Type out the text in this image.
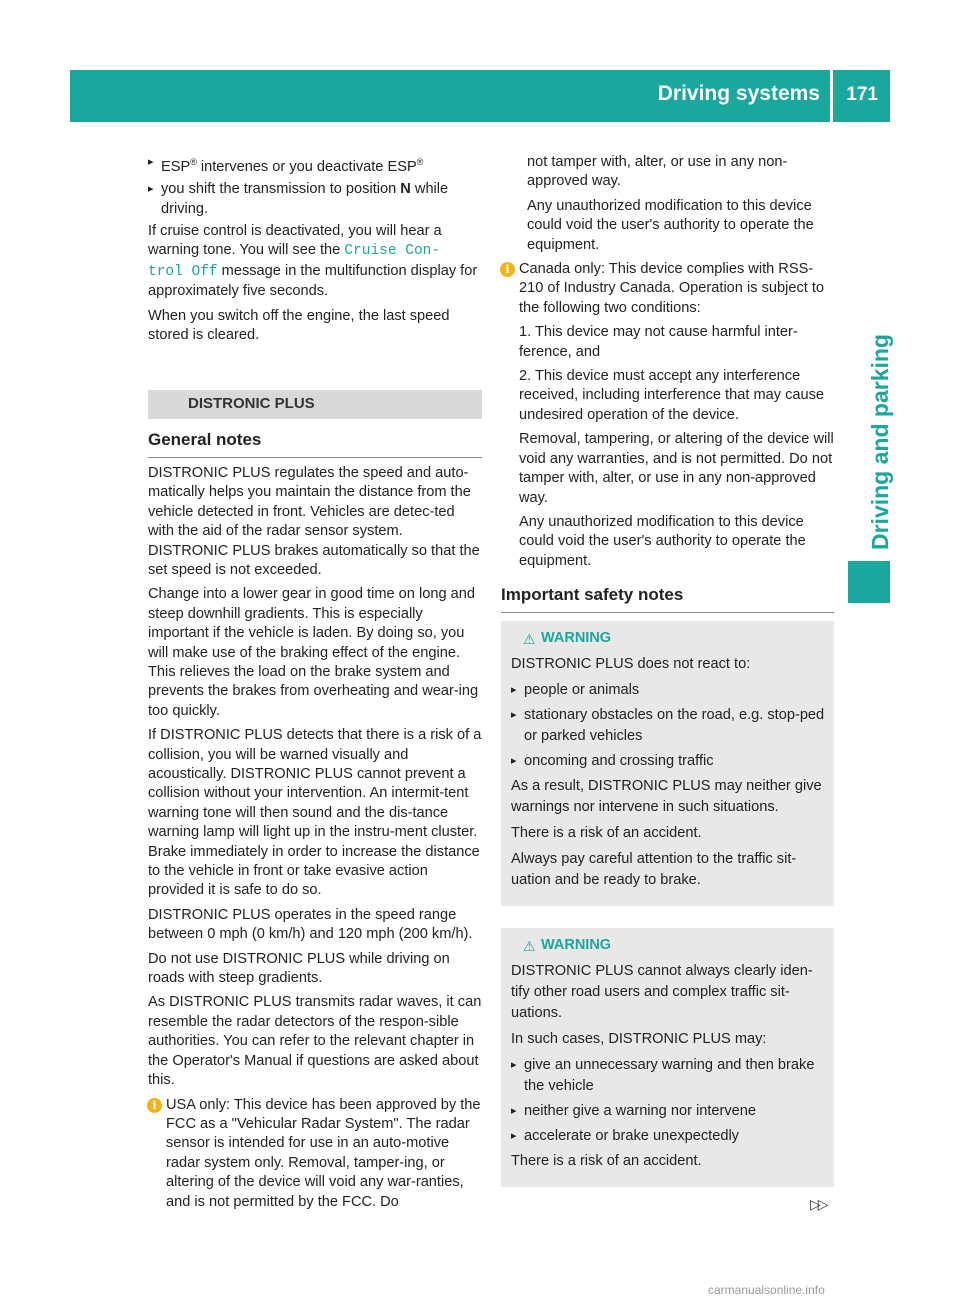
Driving systems 171
Driving and parking
▸ ESP® intervenes or you deactivate ESP®
▸ you shift the transmission to position N while driving.

If cruise control is deactivated, you will hear a warning tone. You will see the Cruise Con‐ trol Off message in the multifunction display for approximately five seconds.

When you switch off the engine, the last speed stored is cleared.

DISTRONIC PLUS
General notes

DISTRONIC PLUS regulates the speed and auto-matically helps you maintain the distance from the vehicle detected in front. Vehicles are detec-ted with the aid of the radar sensor system. DISTRONIC PLUS brakes automatically so that the set speed is not exceeded.

Change into a lower gear in good time on long and steep downhill gradients. This is especially important if the vehicle is laden. By doing so, you will make use of the braking effect of the engine. This relieves the load on the brake system and prevents the brakes from overheating and wear-ing too quickly.

If DISTRONIC PLUS detects that there is a risk of a collision, you will be warned visually and acoustically. DISTRONIC PLUS cannot prevent a collision without your intervention. An intermit-tent warning tone will then sound and the dis-tance warning lamp will light up in the instru-ment cluster. Brake immediately in order to increase the distance to the vehicle in front or take evasive action provided it is safe to do so.

DISTRONIC PLUS operates in the speed range between 0 mph (0 km/h) and 120 mph (200 km/h).

Do not use DISTRONIC PLUS while driving on roads with steep gradients.

As DISTRONIC PLUS transmits radar waves, it can resemble the radar detectors of the respon-sible authorities. You can refer to the relevant chapter in the Operator's Manual if questions are asked about this.

i USA only: This device has been approved by the FCC as a "Vehicular Radar System". The radar sensor is intended for use in an auto-motive radar system only. Removal, tamper-ing, or altering of the device will void any war-ranties, and is not permitted by the FCC. Do

not tamper with, alter, or use in any non-approved way.

Any unauthorized modification to this device could void the user's authority to operate the equipment.

i Canada only: This device complies with RSS-210 of Industry Canada. Operation is subject to the following two conditions:

1. This device may not cause harmful inter-ference, and

2. This device must accept any interference received, including interference that may cause undesired operation of the device.

Removal, tampering, or altering of the device will void any warranties, and is not permitted. Do not tamper with, alter, or use in any non-approved way.

Any unauthorized modification to this device could void the user's authority to operate the equipment.

Important safety notes
⚠ WARNING

DISTRONIC PLUS does not react to:

▸ people or animals
▸ stationary obstacles on the road, e.g. stop-ped or parked vehicles
▸ oncoming and crossing traffic

As a result, DISTRONIC PLUS may neither give warnings nor intervene in such situations.

There is a risk of an accident.

Always pay careful attention to the traffic sit-uation and be ready to brake.

⚠ WARNING

DISTRONIC PLUS cannot always clearly iden-tify other road users and complex traffic sit-uations.

In such cases, DISTRONIC PLUS may:

▸ give an unnecessary warning and then brake the vehicle
▸ neither give a warning nor intervene
▸ accelerate or brake unexpectedly

There is a risk of an accident.

▷▷
carmanualsonline.info
